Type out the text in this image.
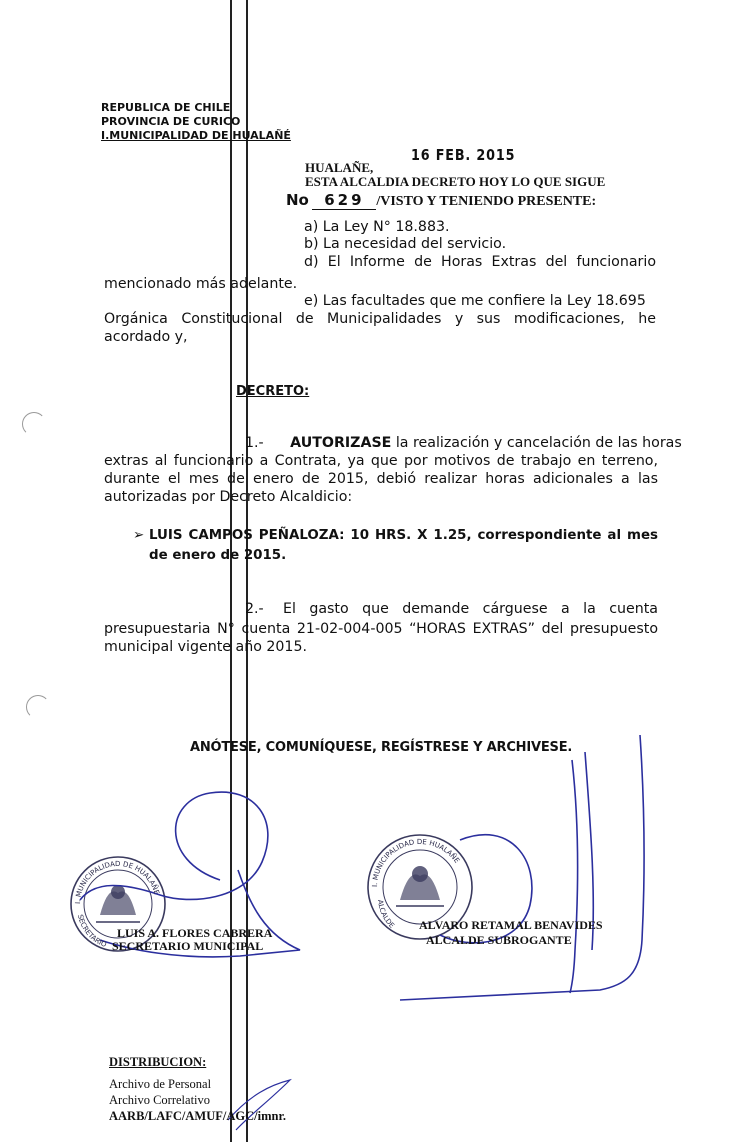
REPUBLICA DE CHILE
PROVINCIA DE CURICO
I.MUNICIPALIDAD DE HUALAÑÉ
16 FEB. 2015
HUALAÑE,
ESTA ALCALDIA DECRETO HOY LO QUE SIGUE
No 629 /VISTO Y TENIENDO PRESENTE:
a) La Ley N° 18.883.
b) La necesidad del servicio.
d) El Informe de Horas Extras del funcionario
mencionado más adelante.
e) Las facultades que me confiere la Ley 18.695
Orgánica Constitucional de Municipalidades y sus modificaciones, he acordado y,
DECRETO:
1.- AUTORIZASE la realización y cancelación de las horas
extras al funcionario a Contrata, ya que por motivos de trabajo en terreno, durante el mes de enero de 2015, debió realizar horas adicionales a las autorizadas por Decreto Alcaldicio:
➢ LUIS CAMPOS PEÑALOZA: 10 HRS. X 1.25, correspondiente al mes de enero de 2015.
2.-	El gasto que demande cárguese a la cuenta
presupuestaria N° cuenta 21-02-004-005 “HORAS EXTRAS” del presupuesto municipal vigente año 2015.
ANÓTESE, COMUNÍQUESE, REGÍSTRESE Y ARCHIVESE.
I. MUNICIPALIDAD DE HUALAÑE
SECRETARIO
I. MUNICIPALIDAD DE HUALAÑE
ALCALDE
LUIS A. FLORES CABRERA
SECRETARIO MUNICIPAL
ALVARO RETAMAL BENAVIDES
ALCALDE SUBROGANTE
DISTRIBUCION:
Archivo de Personal
Archivo Correlativo
AARB/LAFC/AMUF/AGC/imnr.
